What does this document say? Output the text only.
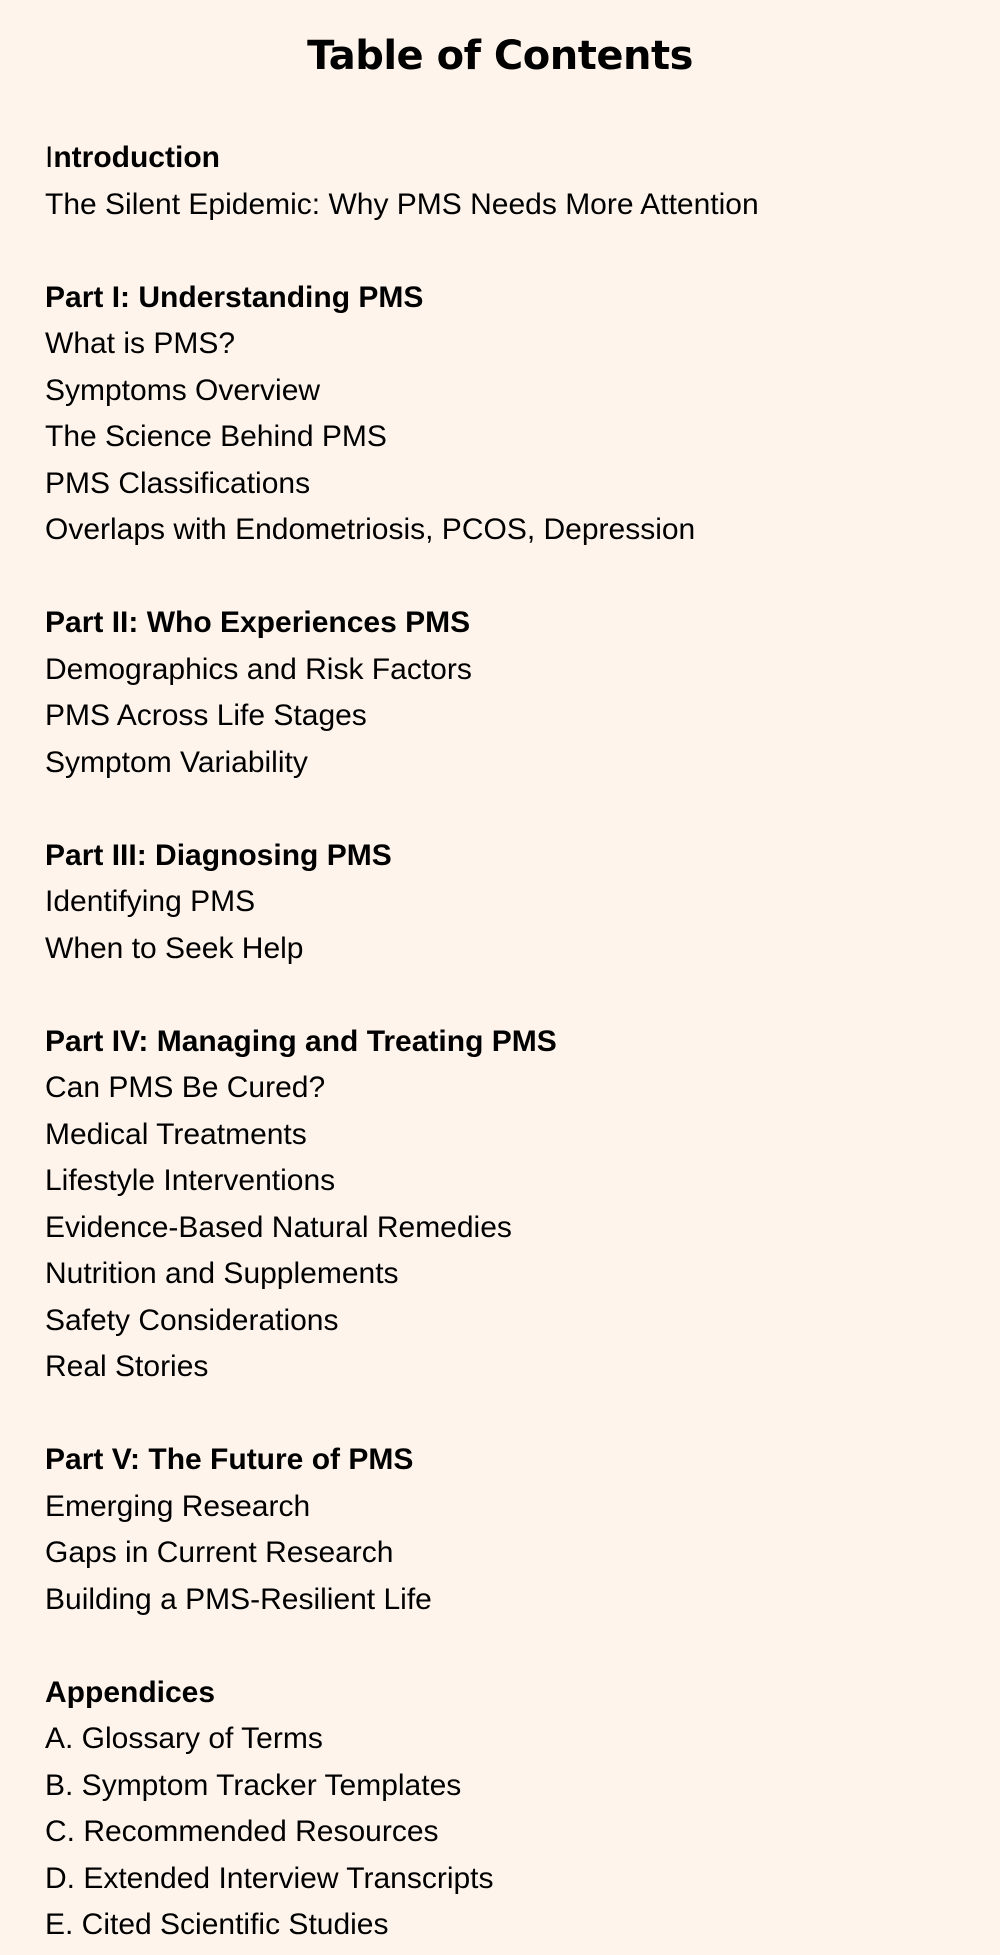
Table of Contents
Introduction
The Silent Epidemic: Why PMS Needs More Attention
Part I: Understanding PMS
What is PMS?
Symptoms Overview
The Science Behind PMS
PMS Classifications
Overlaps with Endometriosis, PCOS, Depression
Part II: Who Experiences PMS
Demographics and Risk Factors
PMS Across Life Stages
Symptom Variability
Part III: Diagnosing PMS
Identifying PMS
When to Seek Help
Part IV: Managing and Treating PMS
Can PMS Be Cured?
Medical Treatments
Lifestyle Interventions
Evidence-Based Natural Remedies
Nutrition and Supplements
Safety Considerations
Real Stories
Part V: The Future of PMS
Emerging Research
Gaps in Current Research
Building a PMS-Resilient Life
Appendices
A. Glossary of Terms
B. Symptom Tracker Templates
C. Recommended Resources
D. Extended Interview Transcripts
E. Cited Scientific Studies
